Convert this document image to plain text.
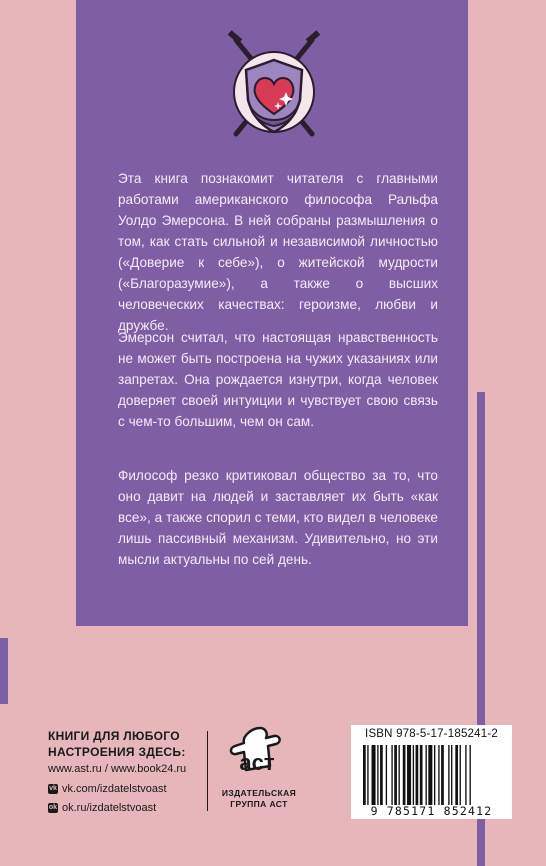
Эта книга познакомит читателя с главными работами американского философа Ральфа Уолдо Эмерсона. В ней собраны размышления о том, как стать сильной и независимой личностью («Доверие к себе»), о житейской мудрости («Благоразумие»), а также о высших человеческих качествах: героизме, любви и дружбе.

Эмерсон считал, что настоящая нравственность не может быть построена на чужих указаниях или запретах. Она рождается изнутри, когда человек доверяет своей интуиции и чувствует свою связь с чем-то большим, чем он сам.

Философ резко критиковал общество за то, что оно давит на людей и заставляет их быть «как все», а также спорил с теми, кто видел в человеке лишь пассивный механизм. Удивительно, но эти мысли актуальны по сей день.

КНИГИ ДЛЯ ЛЮБОГО НАСТРОЕНИЯ ЗДЕСЬ:

www.ast.ru / www.book24.ru
vk vk.com/izdatelstvoast
ok ok.ru/izdatelstvoast
аст
ИЗДАТЕЛЬСКАЯ ГРУППА АСТ
ISBN 978-5-17-185241-2
9 785171 852412
